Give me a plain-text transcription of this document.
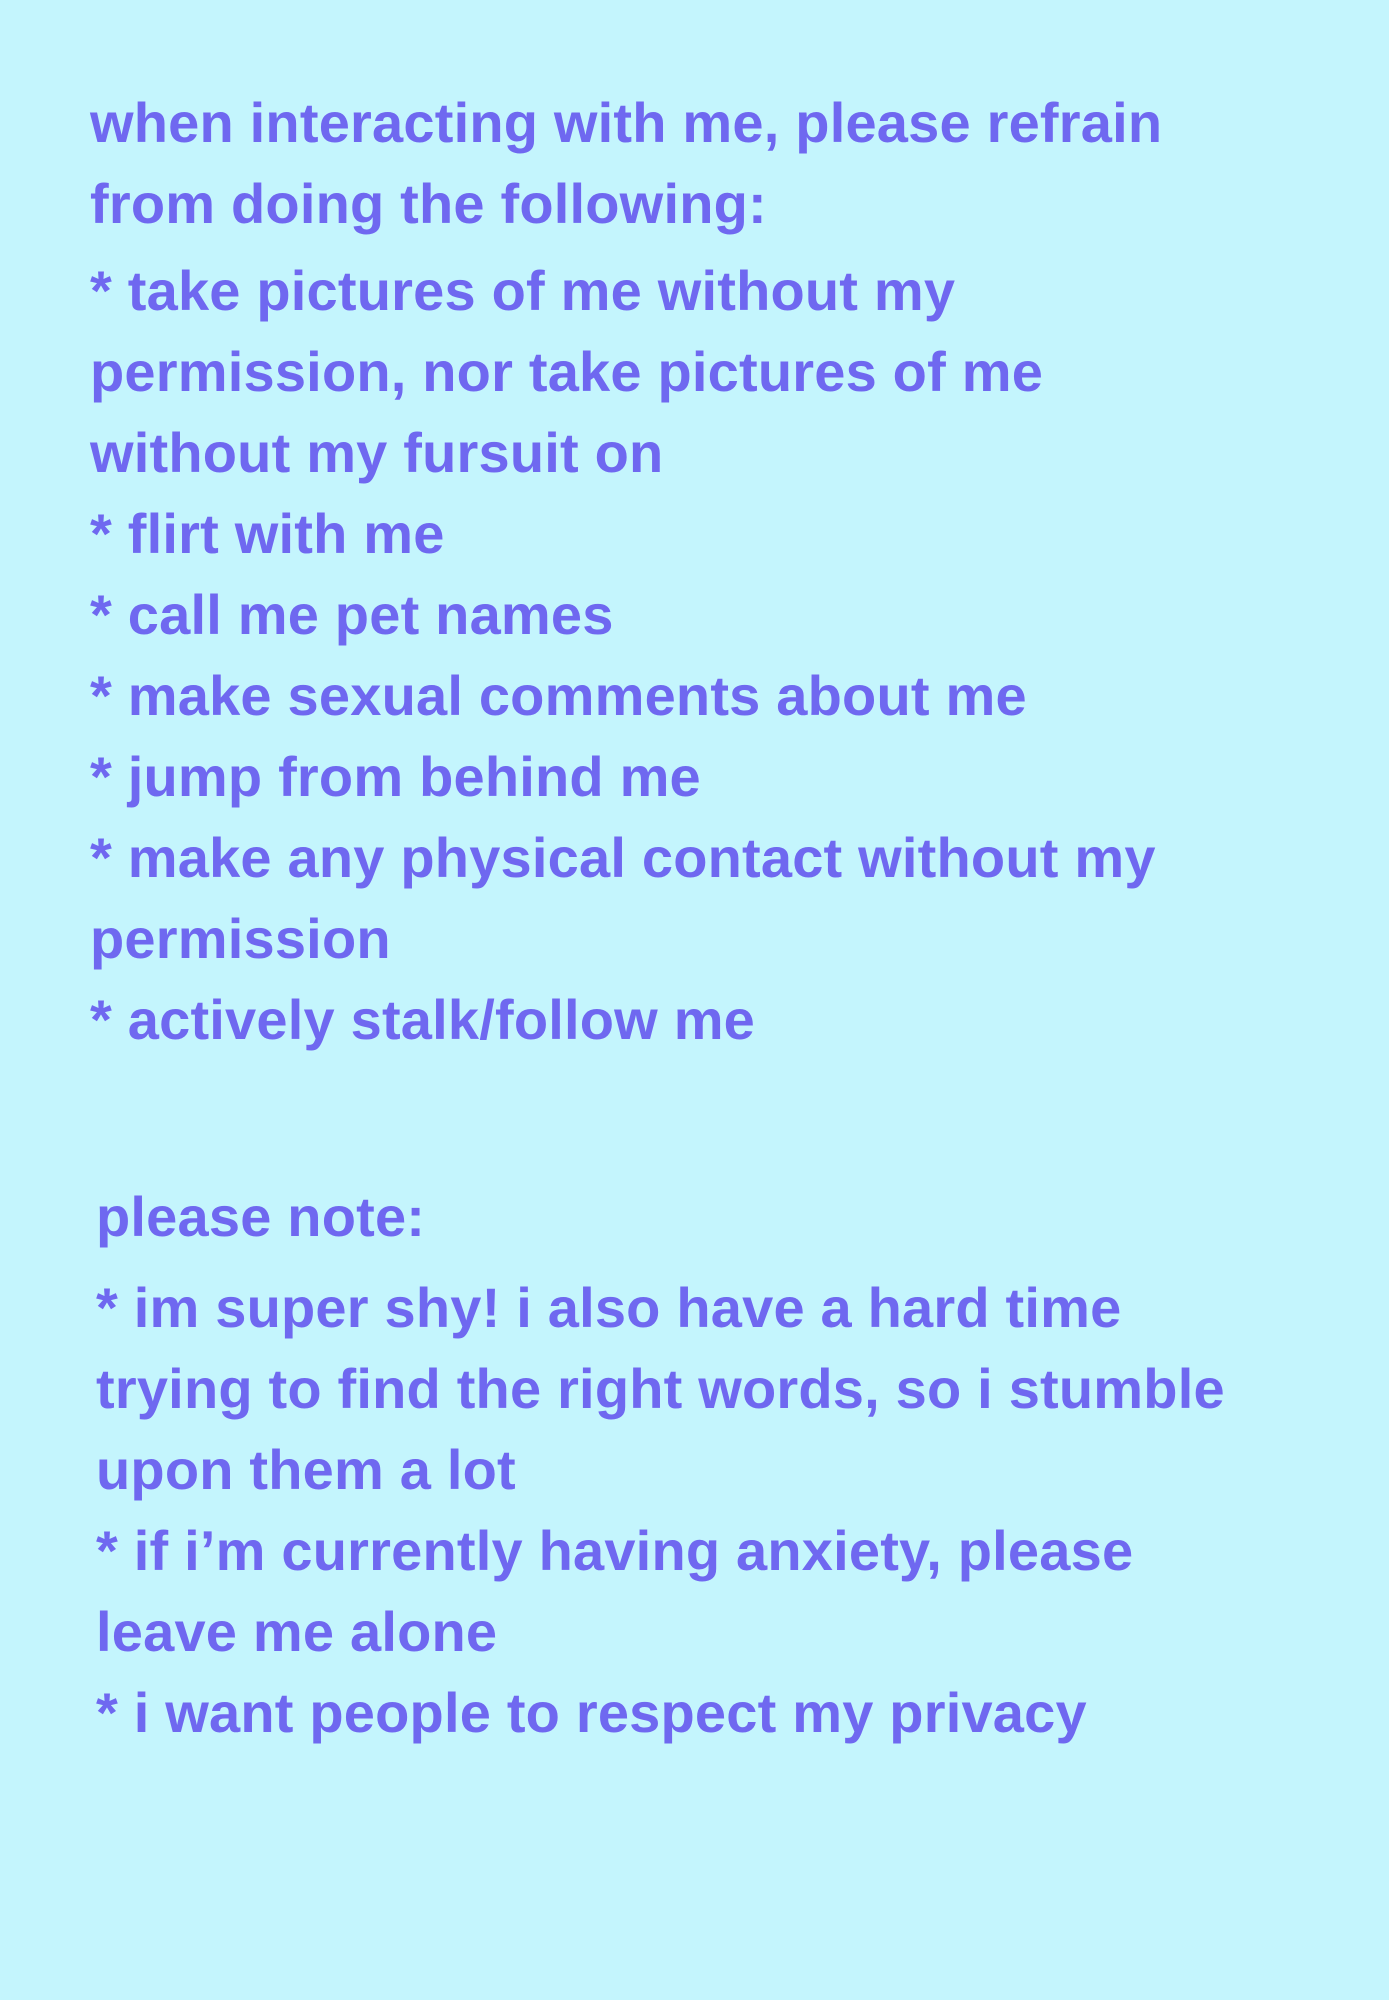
when interacting with me, please refrain

from doing the following:

* take pictures of me without my

permission, nor take pictures of me

without my fursuit on

* flirt with me

* call me pet names

* make sexual comments about me

* jump from behind me

* make any physical contact without my

permission

* actively stalk/follow me

please note:

* im super shy! i also have a hard time

trying to find the right words, so i stumble

upon them a lot

* if i’m currently having anxiety, please

leave me alone

* i want people to respect my privacy
